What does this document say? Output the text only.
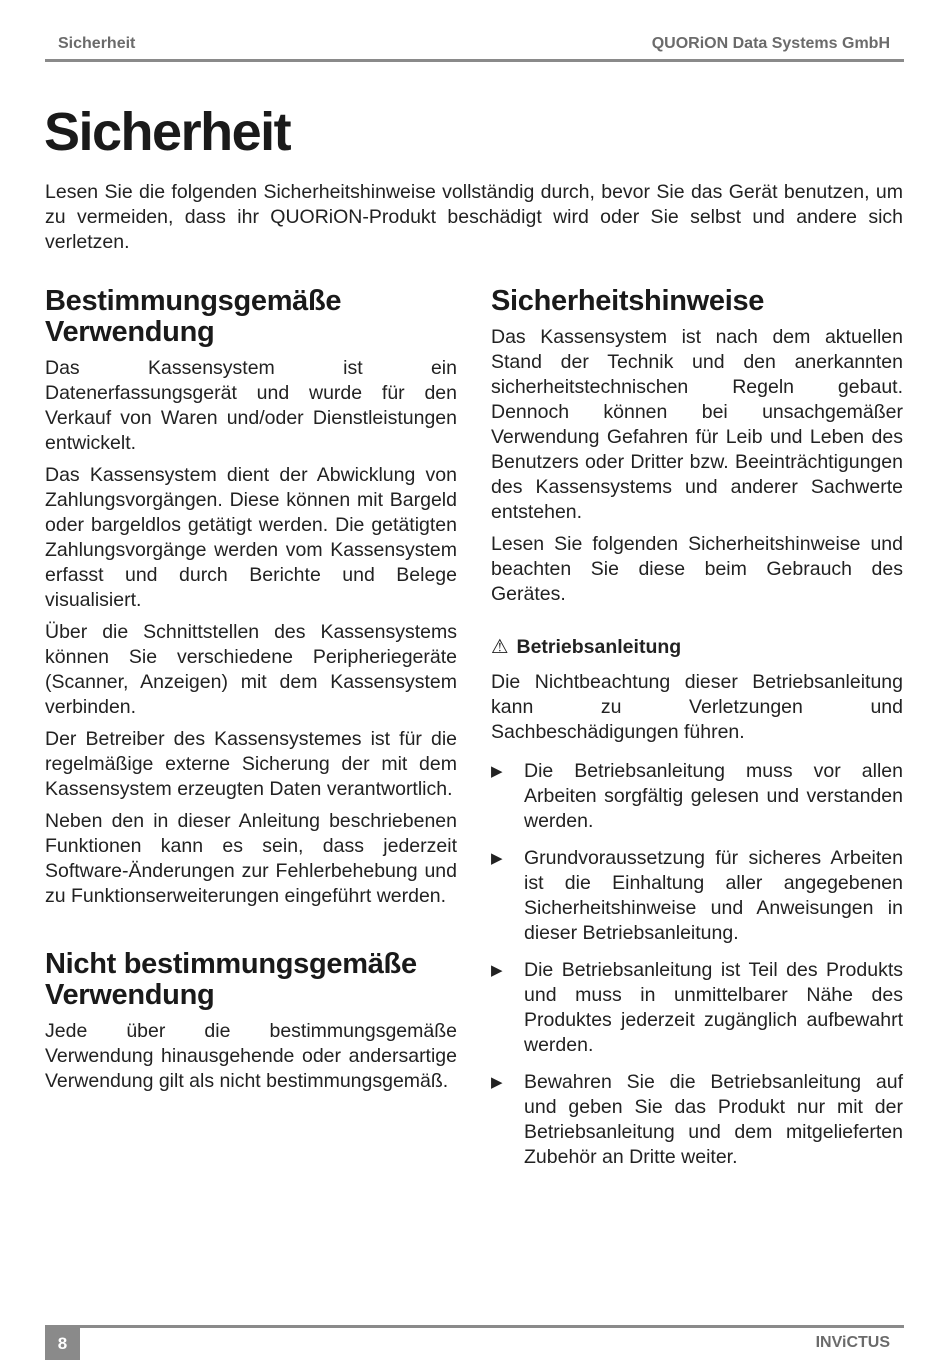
Sicherheit	QUORiON Data Systems GmbH
Sicherheit

Lesen Sie die folgenden Sicherheitshinweise vollständig durch, bevor Sie das Gerät benutzen, um zu vermeiden, dass ihr QUORiON-Produkt beschädigt wird oder Sie selbst und andere sich verletzen.

Bestimmungsgemäße Verwendung

Das Kassensystem ist ein Datenerfassungsgerät und wurde für den Verkauf von Waren und/oder Dienstleistungen entwickelt.

Das Kassensystem dient der Abwicklung von Zahlungsvorgängen. Diese können mit Bargeld oder bargeldlos getätigt werden. Die getätigten Zahlungsvorgänge werden vom Kassensystem erfasst und durch Berichte und Belege visualisiert.

Über die Schnittstellen des Kassensystems können Sie verschiedene Peripheriegeräte (Scanner, Anzeigen) mit dem Kassensystem verbinden.

Der Betreiber des Kassensystemes ist für die regelmäßige externe Sicherung der mit dem Kassensystem erzeugten Daten verantwortlich.

Neben den in dieser Anleitung beschriebenen Funktionen kann es sein, dass jederzeit Software-Änderungen zur Fehlerbehebung und zu Funktionserweiterungen eingeführt werden.

Nicht bestimmungsgemäße Verwendung

Jede über die bestimmungsgemäße Verwendung hinausgehende oder andersartige Verwendung gilt als nicht bestimmungsgemäß.

Sicherheitshinweise

Das Kassensystem ist nach dem aktuellen Stand der Technik und den anerkannten sicherheitstechnischen Regeln gebaut. Dennoch können bei unsachgemäßer Verwendung Gefahren für Leib und Leben des Benutzers oder Dritter bzw. Beeinträchtigungen des Kassensystems und anderer Sachwerte entstehen.

Lesen Sie folgenden Sicherheitshinweise und beachten Sie diese beim Gebrauch des Gerätes.

⚠ Betriebsanleitung

Die Nichtbeachtung dieser Betriebsanleitung kann zu Verletzungen und Sachbeschädigungen führen.

▶ Die Betriebsanleitung muss vor allen Arbeiten sorgfältig gelesen und verstanden werden.
▶ Grundvoraussetzung für sicheres Arbeiten ist die Einhaltung aller angegebenen Sicherheitshinweise und Anweisungen in dieser Betriebsanleitung.
▶ Die Betriebsanleitung ist Teil des Produkts und muss in unmittelbarer Nähe des Produktes jederzeit zugänglich aufbewahrt werden.
▶ Bewahren Sie die Betriebsanleitung auf und geben Sie das Produkt nur mit der Betriebsanleitung und dem mitgelieferten Zubehör an Dritte weiter.
8	INViCTUS
